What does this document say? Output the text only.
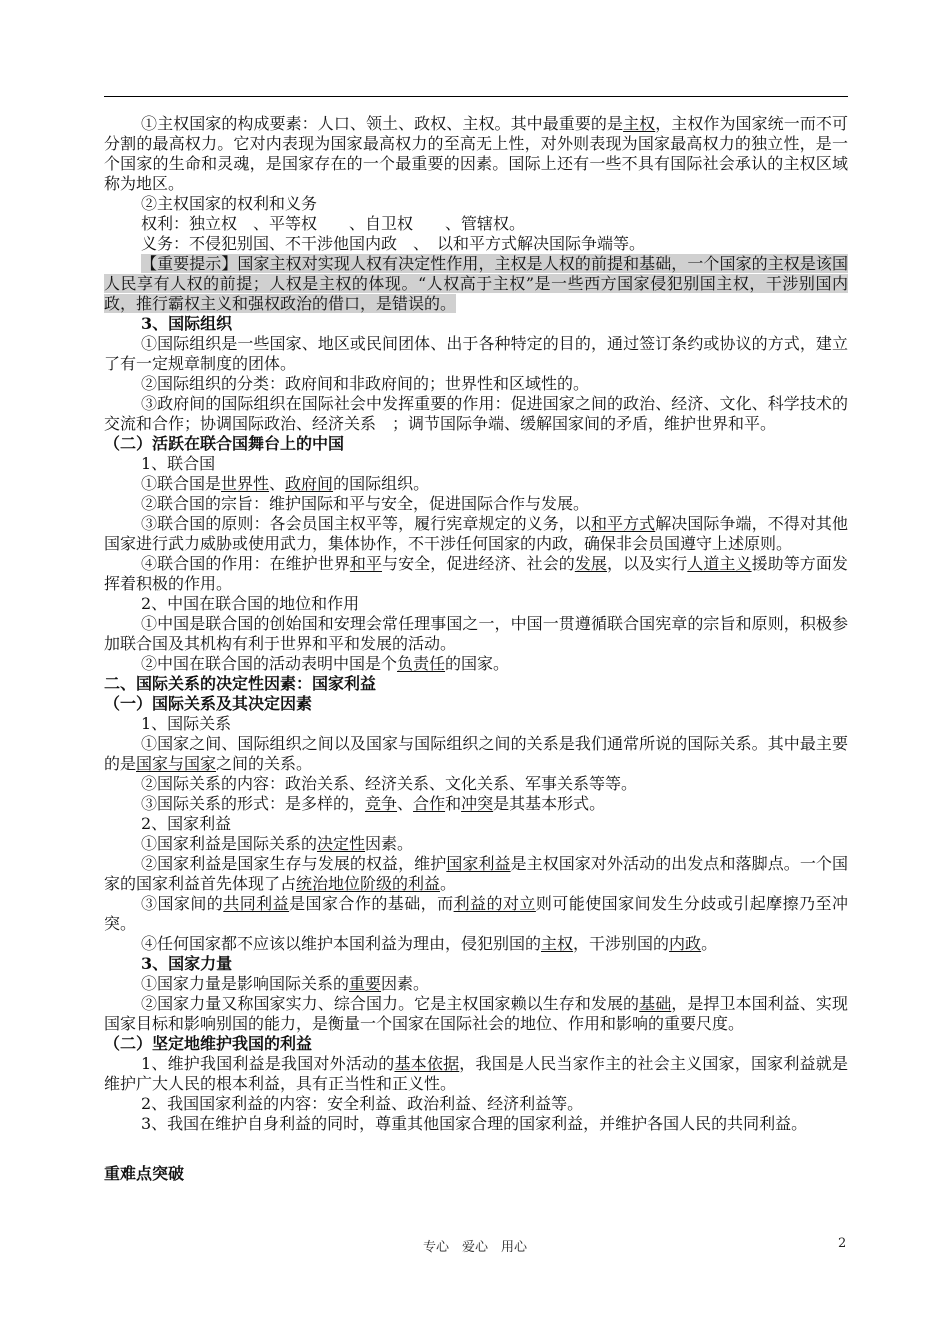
①主权国家的构成要素：人口、领土、政权、主权。其中最重要的是主权，主权作为国家统一而不可分割的最高权力。它对内表现为国家最高权力的至高无上性，对外则表现为国家最高权力的独立性，是一个国家的生命和灵魂，是国家存在的一个最重要的因素。国际上还有一些不具有国际社会承认的主权区域称为地区。

②主权国家的权利和义务

权利：独立权　、平等权　　、自卫权　　、管辖权。

义务：不侵犯别国、不干涉他国内政　、　以和平方式解决国际争端等。

【重要提示】国家主权对实现人权有决定性作用，主权是人权的前提和基础，一个国家的主权是该国人民享有人权的前提；人权是主权的体现。“人权高于主权”是一些西方国家侵犯别国主权，干涉别国内政，推行霸权主义和强权政治的借口，是错误的。

3、国际组织

①国际组织是一些国家、地区或民间团体、出于各种特定的目的，通过签订条约或协议的方式，建立了有一定规章制度的团体。

②国际组织的分类：政府间和非政府间的；世界性和区域性的。

③政府间的国际组织在国际社会中发挥重要的作用：促进国家之间的政治、经济、文化、科学技术的交流和合作；协调国际政治、经济关系　；调节国际争端、缓解国家间的矛盾，维护世界和平。

（二）活跃在联合国舞台上的中国

1、联合国

①联合国是世界性、政府间的国际组织。

②联合国的宗旨：维护国际和平与安全，促进国际合作与发展。

③联合国的原则：各会员国主权平等，履行宪章规定的义务，以和平方式解决国际争端，不得对其他国家进行武力威胁或使用武力，集体协作，不干涉任何国家的内政，确保非会员国遵守上述原则。

④联合国的作用：在维护世界和平与安全，促进经济、社会的发展，以及实行人道主义援助等方面发挥着积极的作用。

2、中国在联合国的地位和作用

①中国是联合国的创始国和安理会常任理事国之一，中国一贯遵循联合国宪章的宗旨和原则，积极参加联合国及其机构有利于世界和平和发展的活动。

②中国在联合国的活动表明中国是个负责任的国家。

二、国际关系的决定性因素：国家利益

（一）国际关系及其决定因素

1、国际关系

①国家之间、国际组织之间以及国家与国际组织之间的关系是我们通常所说的国际关系。其中最主要的是国家与国家之间的关系。

②国际关系的内容：政治关系、经济关系、文化关系、军事关系等等。

③国际关系的形式：是多样的，竞争、合作和冲突是其基本形式。

2、国家利益

①国家利益是国际关系的决定性因素。

②国家利益是国家生存与发展的权益，维护国家利益是主权国家对外活动的出发点和落脚点。一个国家的国家利益首先体现了占统治地位阶级的利益。

③国家间的共同利益是国家合作的基础，而利益的对立则可能使国家间发生分歧或引起摩擦乃至冲突。

④任何国家都不应该以维护本国利益为理由，侵犯别国的主权，干涉别国的内政。

3、国家力量

①国家力量是影响国际关系的重要因素。

②国家力量又称国家实力、综合国力。它是主权国家赖以生存和发展的基础，是捍卫本国利益、实现国家目标和影响别国的能力，是衡量一个国家在国际社会的地位、作用和影响的重要尺度。

（二）坚定地维护我国的利益

1、维护我国利益是我国对外活动的基本依据，我国是人民当家作主的社会主义国家，国家利益就是维护广大人民的根本利益，具有正当性和正义性。

2、我国国家利益的内容：安全利益、政治利益、经济利益等。

3、我国在维护自身利益的同时，尊重其他国家合理的国家利益，并维护各国人民的共同利益。

重难点突破

专心　爱心　用心	2
